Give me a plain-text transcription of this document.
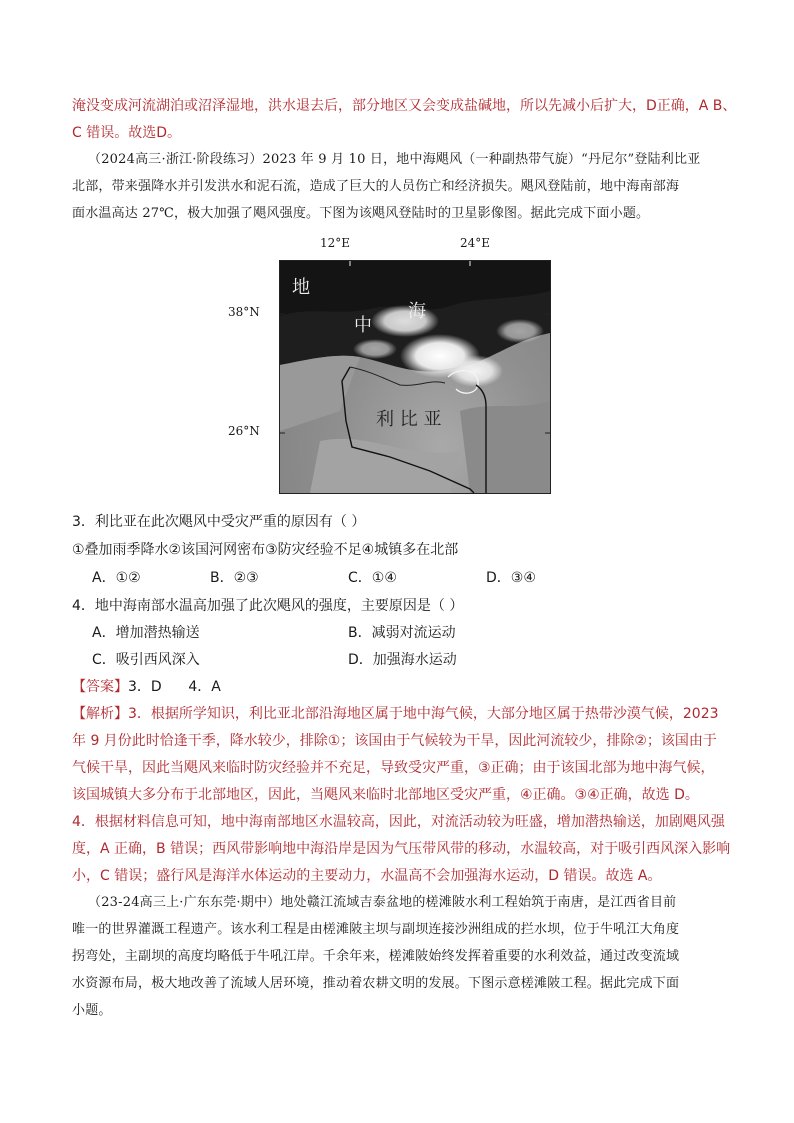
淹没变成河流湖泊或沼泽湿地，洪水退去后，部分地区又会变成盐碱地，所以先减小后扩大，D正确，A B、
C 错误。故选D。
（2024高三·浙江·阶段练习）2023 年 9 月 10 日，地中海飓风（一种副热带气旋）“丹尼尔”登陆利比亚
北部，带来强降水并引发洪水和泥石流，造成了巨大的人员伤亡和经济损失。飓风登陆前，地中海南部海
面水温高达 27℃，极大加强了飓风强度。下图为该飓风登陆时的卫星影像图。据此完成下面小题。
12°E	24°E
38°N
26°N
地
中
海
利 比 亚
3．利比亚在此次飓风中受灾严重的原因有（ ）
①叠加雨季降水②该国河网密布③防灾经验不足④城镇多在北部
A．①②	B．②③	C．①④	D．③④
4．地中海南部水温高加强了此次飓风的强度，主要原因是（ ）
A．增加潜热输送	B．减弱对流运动
C．吸引西风深入	D．加强海水运动
【答案】3．D      4．A
【解析】3．根据所学知识，利比亚北部沿海地区属于地中海气候，大部分地区属于热带沙漠气候，2023
年 9 月份此时恰逢干季，降水较少，排除①；该国由于气候较为干旱，因此河流较少，排除②；该国由于
气候干旱，因此当飓风来临时防灾经验并不充足，导致受灾严重，③正确；由于该国北部为地中海气候，
该国城镇大多分布于北部地区，因此，当飓风来临时北部地区受灾严重，④正确。③④正确，故选 D。
4．根据材料信息可知，地中海南部地区水温较高，因此，对流活动较为旺盛，增加潜热输送，加剧飓风强
度，A 正确，B 错误；西风带影响地中海沿岸是因为气压带风带的移动，水温较高，对于吸引西风深入影响
小，C 错误；盛行风是海洋水体运动的主要动力，水温高不会加强海水运动，D 错误。故选 A。
（23-24高三上·广东东莞·期中）地处赣江流域吉泰盆地的槎滩陂水利工程始筑于南唐，是江西省目前
唯一的世界灌溉工程遗产。该水利工程是由槎滩陂主坝与副坝连接沙洲组成的拦水坝，位于牛吼江大角度
拐弯处，主副坝的高度均略低于牛吼江岸。千余年来，槎滩陂始终发挥着重要的水利效益，通过改变流域
水资源布局，极大地改善了流域人居环境，推动着农耕文明的发展。下图示意槎滩陂工程。据此完成下面
小题。
